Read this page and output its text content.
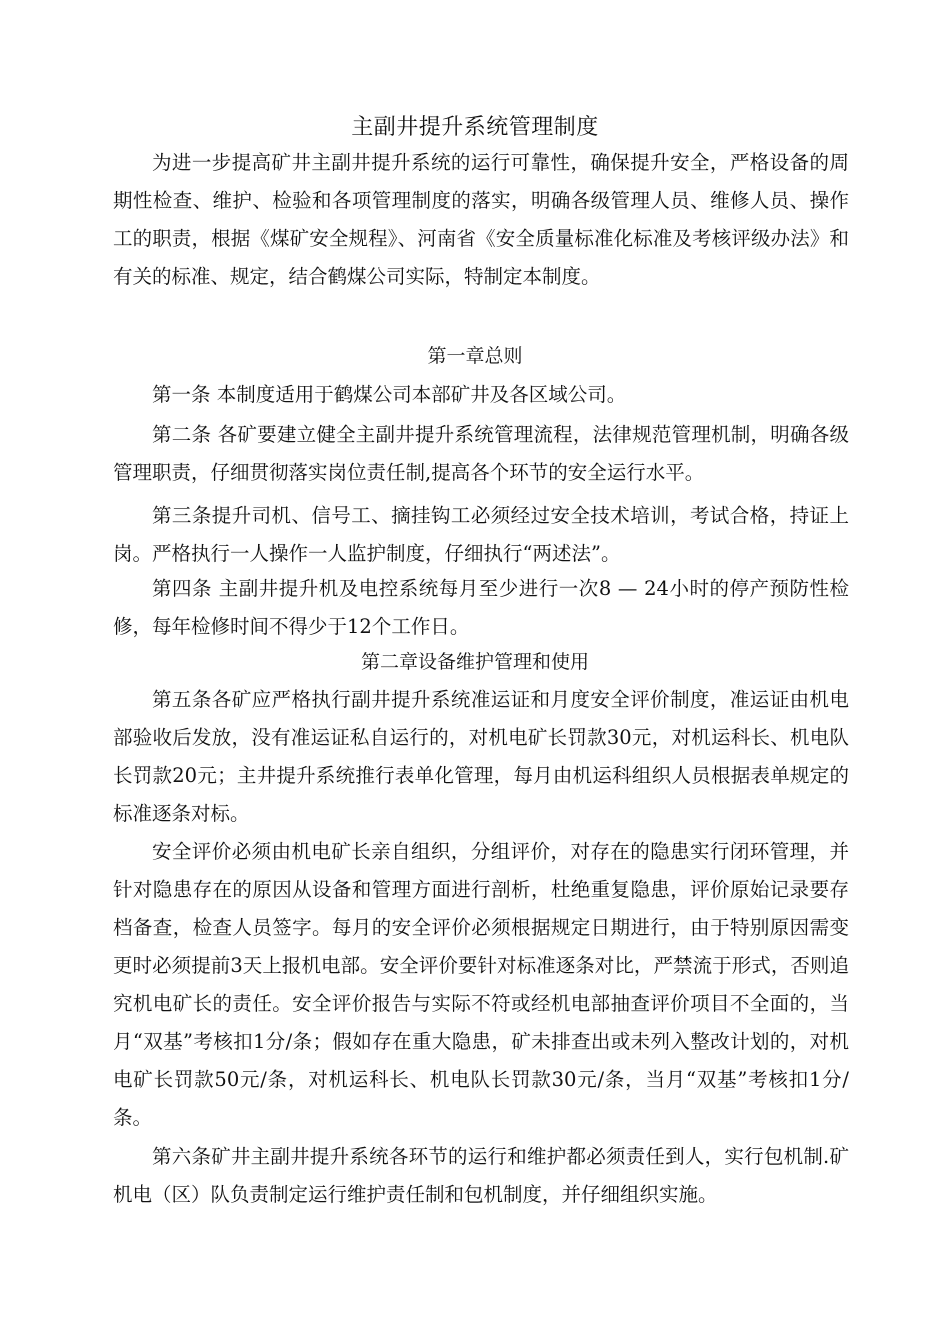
主副井提升系统管理制度

为进一步提高矿井主副井提升系统的运行可靠性，确保提升安全，严格设备的周期性检查、维护、检验和各项管理制度的落实，明确各级管理人员、维修人员、操作工的职责，根据《煤矿安全规程》、河南省《安全质量标准化标准及考核评级办法》和有关的标准、规定，结合鹤煤公司实际，特制定本制度。

第一章总则

第一条 本制度适用于鹤煤公司本部矿井及各区域公司。

第二条 各矿要建立健全主副井提升系统管理流程，法律规范管理机制，明确各级管理职责，仔细贯彻落实岗位责任制,提高各个环节的安全运行水平。

第三条提升司机、信号工、摘挂钩工必须经过安全技术培训，考试合格，持证上岗。严格执行一人操作一人监护制度，仔细执行“两述法”。

第四条 主副井提升机及电控系统每月至少进行一次8 — 24小时的停产预防性检修，每年检修时间不得少于12个工作日。

第二章设备维护管理和使用

第五条各矿应严格执行副井提升系统准运证和月度安全评价制度，准运证由机电部验收后发放，没有准运证私自运行的，对机电矿长罚款30元，对机运科长、机电队长罚款20元；主井提升系统推行表单化管理，每月由机运科组织人员根据表单规定的标准逐条对标。

安全评价必须由机电矿长亲自组织，分组评价，对存在的隐患实行闭环管理，并针对隐患存在的原因从设备和管理方面进行剖析，杜绝重复隐患，评价原始记录要存档备查，检查人员签字。每月的安全评价必须根据规定日期进行，由于特别原因需变更时必须提前3天上报机电部。安全评价要针对标准逐条对比，严禁流于形式，否则追究机电矿长的责任。安全评价报告与实际不符或经机电部抽查评价项目不全面的，当月“双基”考核扣1分/条；假如存在重大隐患，矿未排查出或未列入整改计划的，对机电矿长罚款50元/条，对机运科长、机电队长罚款30元/条，当月“双基”考核扣1分/条。

第六条矿井主副井提升系统各环节的运行和维护都必须责任到人，实行包机制.矿机电（区）队负责制定运行维护责任制和包机制度，并仔细组织实施。
